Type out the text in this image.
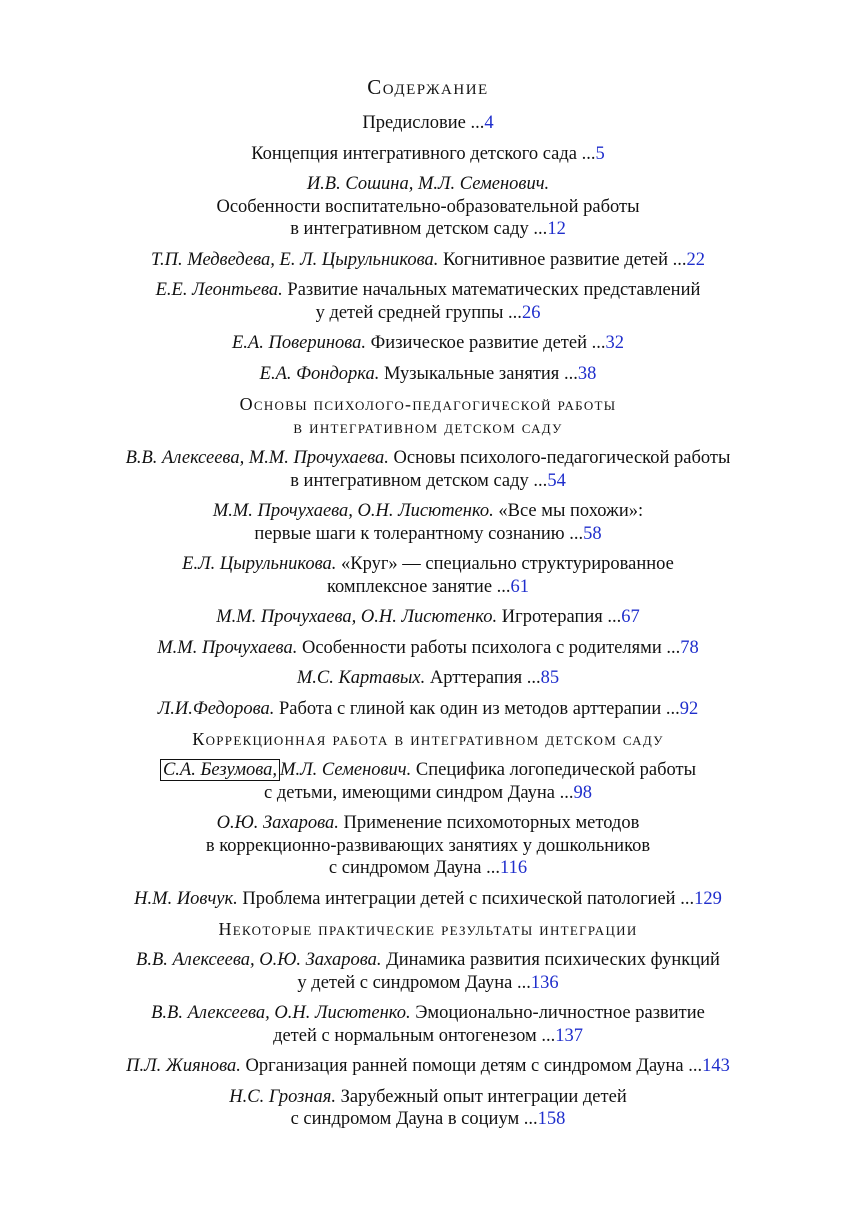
Содержание
Предисловие ...4
Концепция интегративного детского сада ...5
И.В. Сошина, М.Л. Семенович.
Особенности воспитательно-образовательной работы
в интегративном детском саду ...12
Т.П. Медведева, Е. Л. Цырульникова. Когнитивное развитие детей ...22
Е.Е. Леонтьева. Развитие начальных математических представлений
у детей средней группы ...26
Е.А. Поверинова. Физическое развитие детей ...32
Е.А. Фондорка. Музыкальные занятия ...38
Основы психолого-педагогической работы
в интегративном детском саду
В.В. Алексеева, М.М. Прочухаева. Основы психолого-педагогической работы
в интегративном детском саду ...54
М.М. Прочухаева, О.Н. Лисютенко. «Все мы похожи»:
первые шаги к толерантному сознанию ...58
Е.Л. Цырульникова. «Круг» — специально структурированное
комплексное занятие ...61
М.М. Прочухаева, О.Н. Лисютенко. Игротерапия ...67
М.М. Прочухаева. Особенности работы психолога с родителями ...78
М.С. Картавых. Арттерапия ...85
Л.И.Федорова. Работа с глиной как один из методов арттерапии ...92
Коррекционная работа в интегративном детском саду
С.А. Безумова, М.Л. Семенович. Специфика логопедической работы
с детьми, имеющими синдром Дауна ...98
О.Ю. Захарова. Применение психомоторных методов
в коррекционно-развивающих занятиях у дошкольников
с синдромом Дауна ...116
Н.М. Иовчук. Проблема интеграции детей с психической патологией ...129
Некоторые практические результаты интеграции
В.В. Алексеева, О.Ю. Захарова. Динамика развития психических функций
у детей с синдромом Дауна ...136
В.В. Алексеева, О.Н. Лисютенко. Эмоционально-личностное развитие
детей с нормальным онтогенезом ...137
П.Л. Жиянова. Организация ранней помощи детям с синдромом Дауна ...143
Н.С. Грозная. Зарубежный опыт интеграции детей
с синдромом Дауна в социум ...158
